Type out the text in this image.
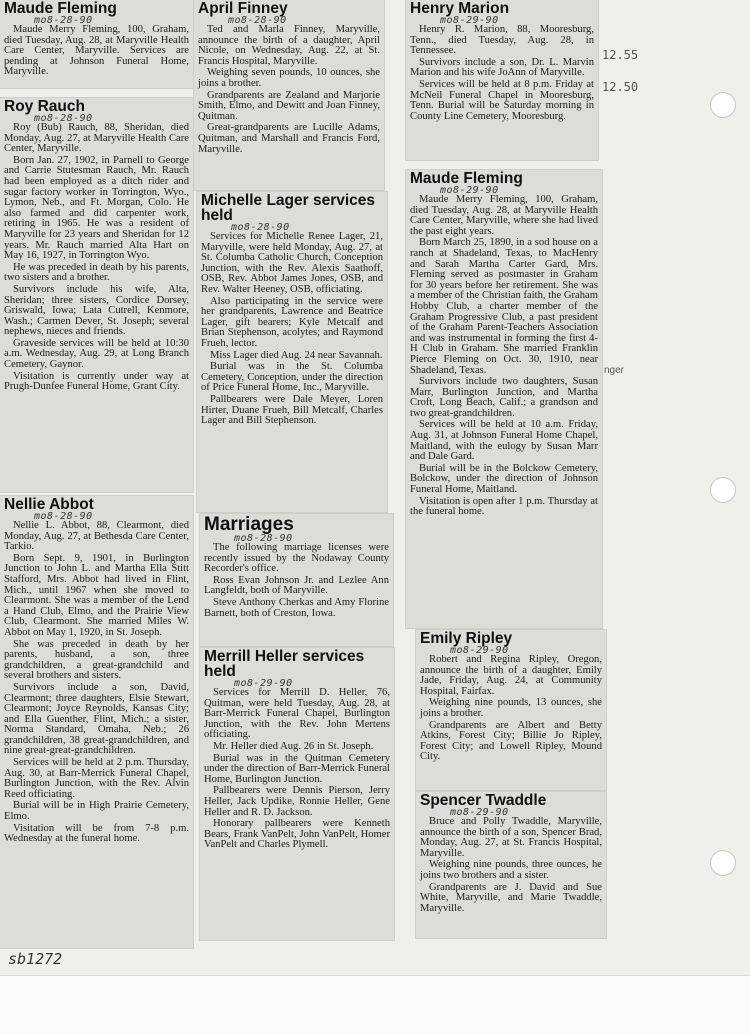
Maude Fleming
mo8-28-90

Maude Merry Fleming, 100, Graham, died Tuesday, Aug. 28, at Maryville Health Care Center, Maryville. Services are pending at Johnson Funeral Home, Maryville.

Roy Rauch
mo8-28-90

Roy (Bub) Rauch, 88, Sheridan, died Monday, Aug. 27, at Maryville Health Care Center, Maryville.

Born Jan. 27, 1902, in Parnell to George and Carrie Stutesman Rauch, Mr. Rauch had been employed as a ditch rider and sugar factory worker in Torrington, Wyo., Lymon, Neb., and Ft. Morgan, Colo. He also farmed and did carpenter work, retiring in 1965. He was a resident of Maryville for 23 years and Sheridan for 12 years. Mr. Rauch married Alta Hart on May 16, 1927, in Torrington Wyo.

He was preceded in death by his parents, two sisters and a brother.

Survivors include his wife, Alta, Sheridan; three sisters, Cordice Dorsey, Griswald, Iowa; Lata Cutrell, Kenmore, Wash.; Carmen Dever, St. Joseph; several nephews, nieces and friends.

Graveside services will be held at 10:30 a.m. Wednesday, Aug. 29, at Long Branch Cemetery, Gaynor.

Visitation is currently under way at Prugh-Dunfee Funeral Home, Grant City.

Nellie Abbot
mo8-28-90

Nellie L. Abbot, 88, Clearmont, died Monday, Aug. 27, at Bethesda Care Center, Tarkio.

Born Sept. 9, 1901, in Burlington Junction to John L. and Martha Ella Stitt Stafford, Mrs. Abbot had lived in Flint, Mich., until 1967 when she moved to Clearmont. She was a member of the Lend a Hand Club, Elmo, and the Prairie View Club, Clearmont. She married Miles W. Abbot on May 1, 1920, in St. Joseph.

She was preceded in death by her parents, husband, a son, three grandchildren, a great-grandchild and several brothers and sisters.

Survivors include a son, David, Clearmont; three daughters, Elsie Stewart, Clearmont; Joyce Reynolds, Kansas City; and Ella Guenther, Flint, Mich.; a sister, Norma Standard, Omaha, Neb.; 26 grandchildren, 38 great-grandchildren, and nine great-great-grandchildren.

Services will be held at 2 p.m. Thursday, Aug. 30, at Barr-Merrick Funeral Chapel, Burlington Junction, with the Rev. Alvin Reed officiating.

Burial will be in High Prairie Cemetery, Elmo.

Visitation will be from 7-8 p.m. Wednesday at the funeral home.

April Finney
mo8-28-90

Ted and Marla Finney, Maryville, announce the birth of a daughter, April Nicole, on Wednesday, Aug. 22, at St. Francis Hospital, Maryville.

Weighing seven pounds, 10 ounces, she joins a brother.

Grandparents are Zealand and Marjorie Smith, Elmo, and Dewitt and Joan Finney, Quitman.

Great-grandparents are Lucille Adams, Quitman, and Marshall and Francis Ford, Maryville.

Michelle Lager services held
mo8-28-90

Services for Michelle Renee Lager, 21, Maryville, were held Monday, Aug. 27, at St. Columba Catholic Church, Conception Junction, with the Rev. Alexis Saathoff, OSB, Rev. Abbot James Jones, OSB, and Rev. Walter Heeney, OSB, officiating.

Also participating in the service were her grandparents, Lawrence and Beatrice Lager, gift bearers; Kyle Metcalf and Brian Stephenson, acolytes; and Raymond Frueh, lector.

Miss Lager died Aug. 24 near Savannah.

Burial was in the St. Columba Cemetery, Conception, under the direction of Price Funeral Home, Inc., Maryville.

Pallbearers were Dale Meyer, Loren Hirter, Duane Frueh, Bill Metcalf, Charles Lager and Bill Stephenson.

Marriages
mo8-28-90

The following marriage licenses were recently issued by the Nodaway County Recorder's office.

Ross Evan Johnson Jr. and Lezlee Ann Langfeldt, both of Maryville.

Steve Anthony Cherkas and Amy Florine Barnett, both of Creston, Iowa.

Merrill Heller services held
mo8-29-90

Services for Merrill D. Heller, 76, Quitman, were held Tuesday, Aug. 28, at Barr-Merrick Funeral Chapel, Burlington Junction, with the Rev. John Mertens officiating.

Mr. Heller died Aug. 26 in St. Joseph.

Burial was in the Quitman Cemetery under the direction of Barr-Merrick Funeral Home, Burlington Junction.

Pallbearers were Dennis Pierson, Jerry Heller, Jack Updike, Ronnie Heller, Gene Heller and R. D. Jackson.

Honorary pallbearers were Kenneth Bears, Frank VanPelt, John VanPelt, Homer VanPelt and Charles Plymell.

Henry Marion
mo8-29-90

Henry R. Marion, 88, Mooresburg, Tenn., died Tuesday, Aug. 28, in Tennessee.

Survivors include a son, Dr. L. Marvin Marion and his wife JoAnn of Maryville.

Services will be held at 8 p.m. Friday at McNeil Funeral Chapel in Mooresburg, Tenn. Burial will be Saturday morning in County Line Cemetery, Mooresburg.

Maude Fleming
mo8-29-90

Maude Merry Fleming, 100, Graham, died Tuesday, Aug. 28, at Maryville Health Care Center, Maryville, where she had lived the past eight years.

Born March 25, 1890, in a sod house on a ranch at Shadeland, Texas, to MacHenry and Sarah Martha Carter Gard, Mrs. Fleming served as postmaster in Graham for 30 years before her retirement. She was a member of the Christian faith, the Graham Hobby Club, a charter member of the Graham Progressive Club, a past president of the Graham Parent-Teachers Association and was instrumental in forming the first 4-H Club in Graham. She married Franklin Pierce Fleming on Oct. 30, 1910, near Shadeland, Texas.

Survivors include two daughters, Susan Marr, Burlington Junction, and Martha Croft, Long Beach, Calif.; a grandson and two great-grandchildren.

Services will be held at 10 a.m. Friday, Aug. 31, at Johnson Funeral Home Chapel, Maitland, with the eulogy by Susan Marr and Dale Gard.

Burial will be in the Bolckow Cemetery, Bolckow, under the direction of Johnson Funeral Home, Maitland.

Visitation is open after 1 p.m. Thursday at the funeral home.

Emily Ripley
mo8-29-90

Robert and Regina Ripley, Oregon, announce the birth of a daughter, Emily Jade, Friday, Aug. 24, at Community Hospital, Fairfax.

Weighing nine pounds, 13 ounces, she joins a brother.

Grandparents are Albert and Betty Atkins, Forest City; Billie Jo Ripley, Forest City; and Lowell Ripley, Mound City.

Spencer Twaddle
mo8-29-90

Bruce and Polly Twaddle, Maryville, announce the birth of a son, Spencer Brad, Monday, Aug. 27, at St. Francis Hospital, Maryville.

Weighing nine pounds, three ounces, he joins two brothers and a sister.

Grandparents are J. David and Sue White, Maryville, and Marie Twaddle, Maryville.

12.55
12.50
nger
sb1272
